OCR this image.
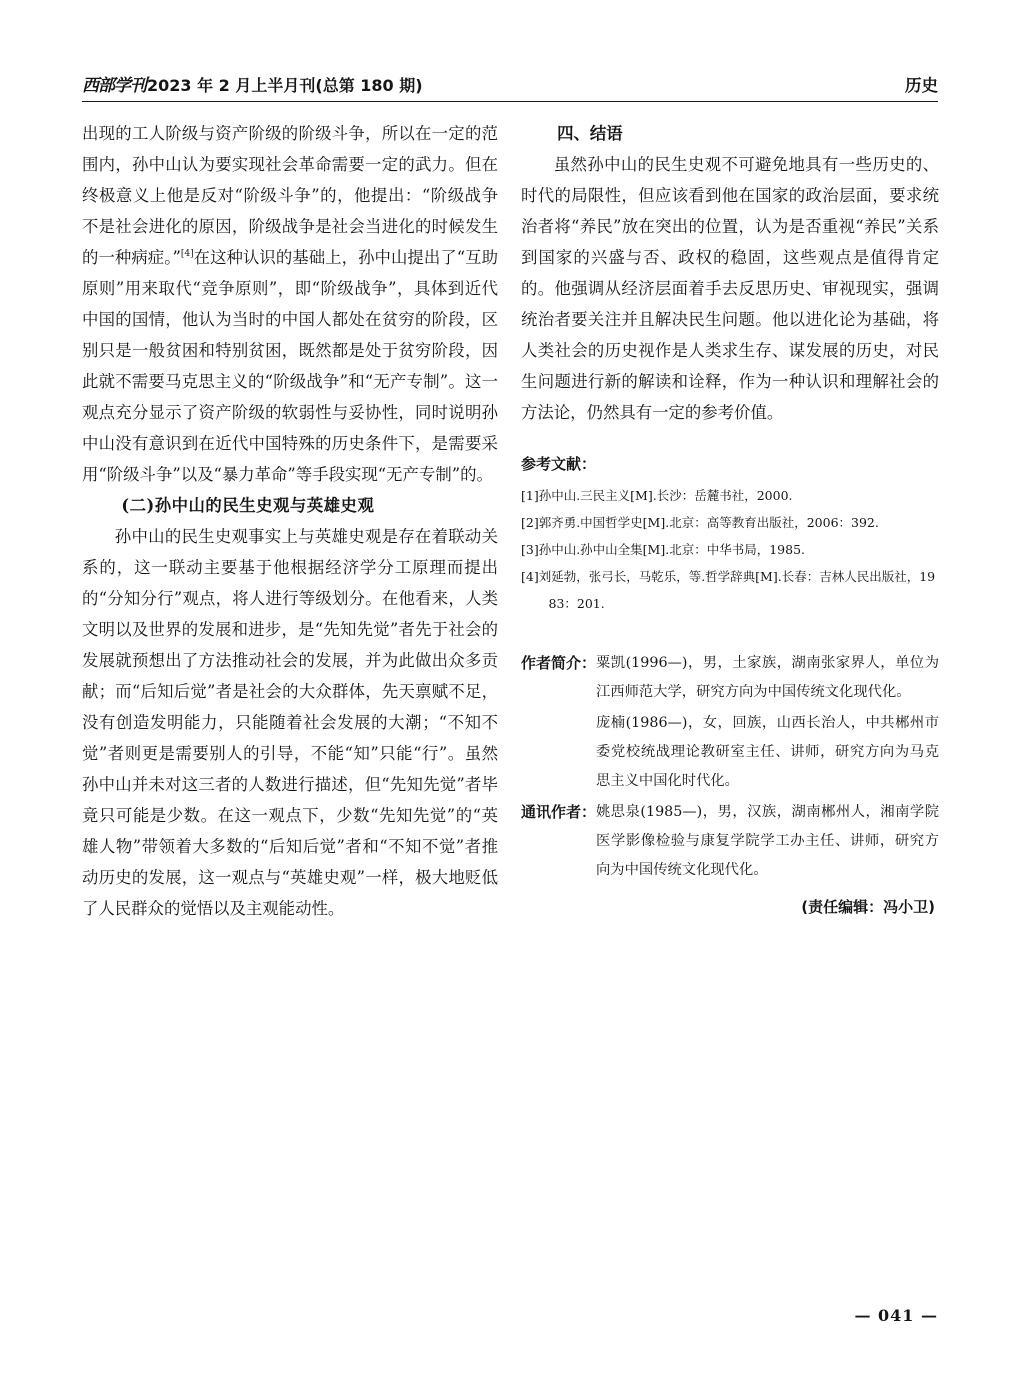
西部学刊 2023 年 2 月上半月刊(总第 180 期)	历史

出现的工人阶级与资产阶级的阶级斗争，所以在一定的范围内，孙中山认为要实现社会革命需要一定的武力。但在终极意义上他是反对“阶级斗争”的，他提出：“阶级战争不是社会进化的原因，阶级战争是社会当进化的时候发生的一种病症。”[4]在这种认识的基础上，孙中山提出了“互助原则”用来取代“竞争原则”，即“阶级战争”，具体到近代中国的国情，他认为当时的中国人都处在贫穷的阶段，区别只是一般贫困和特别贫困，既然都是处于贫穷阶段，因此就不需要马克思主义的“阶级战争”和“无产专制”。这一观点充分显示了资产阶级的软弱性与妥协性，同时说明孙中山没有意识到在近代中国特殊的历史条件下，是需要采用“阶级斗争”以及“暴力革命”等手段实现“无产专制”的。

(二)孙中山的民生史观与英雄史观

孙中山的民生史观事实上与英雄史观是存在着联动关系的，这一联动主要基于他根据经济学分工原理而提出的“分知分行”观点，将人进行等级划分。在他看来，人类文明以及世界的发展和进步，是“先知先觉”者先于社会的发展就预想出了方法推动社会的发展，并为此做出众多贡献；而“后知后觉”者是社会的大众群体，先天禀赋不足，没有创造发明能力，只能随着社会发展的大潮；“不知不觉”者则更是需要别人的引导，不能“知”只能“行”。虽然孙中山并未对这三者的人数进行描述，但“先知先觉”者毕竟只可能是少数。在这一观点下，少数“先知先觉”的“英雄人物”带领着大多数的“后知后觉”者和“不知不觉”者推动历史的发展，这一观点与“英雄史观”一样，极大地贬低了人民群众的觉悟以及主观能动性。

四、结语

虽然孙中山的民生史观不可避免地具有一些历史的、时代的局限性，但应该看到他在国家的政治层面，要求统治者将“养民”放在突出的位置，认为是否重视“养民”关系到国家的兴盛与否、政权的稳固，这些观点是值得肯定的。他强调从经济层面着手去反思历史、审视现实，强调统治者要关注并且解决民生问题。他以进化论为基础，将人类社会的历史视作是人类求生存、谋发展的历史，对民生问题进行新的解读和诠释，作为一种认识和理解社会的方法论，仍然具有一定的参考价值。

参考文献：
[1]孙中山.三民主义[M].长沙：岳麓书社，2000.
[2]郭齐勇.中国哲学史[M].北京：高等教育出版社，2006：392.
[3]孙中山.孙中山全集[M].北京：中华书局，1985.
[4]刘延勃，张弓长，马乾乐，等.哲学辞典[M].长春：吉林人民出版社，1983：201.
作者简介： 粟凯(1996—)，男，土家族，湖南张家界人，单位为江西师范大学，研究方向为中国传统文化现代化。

庞楠(1986—)，女，回族，山西长治人，中共郴州市委党校统战理论教研室主任、讲师，研究方向为马克思主义中国化时代化。

通讯作者： 姚思泉(1985—)，男，汉族，湖南郴州人，湘南学院医学影像检验与康复学院学工办主任、讲师，研究方向为中国传统文化现代化。

(责任编辑：冯小卫)

— 041 —
